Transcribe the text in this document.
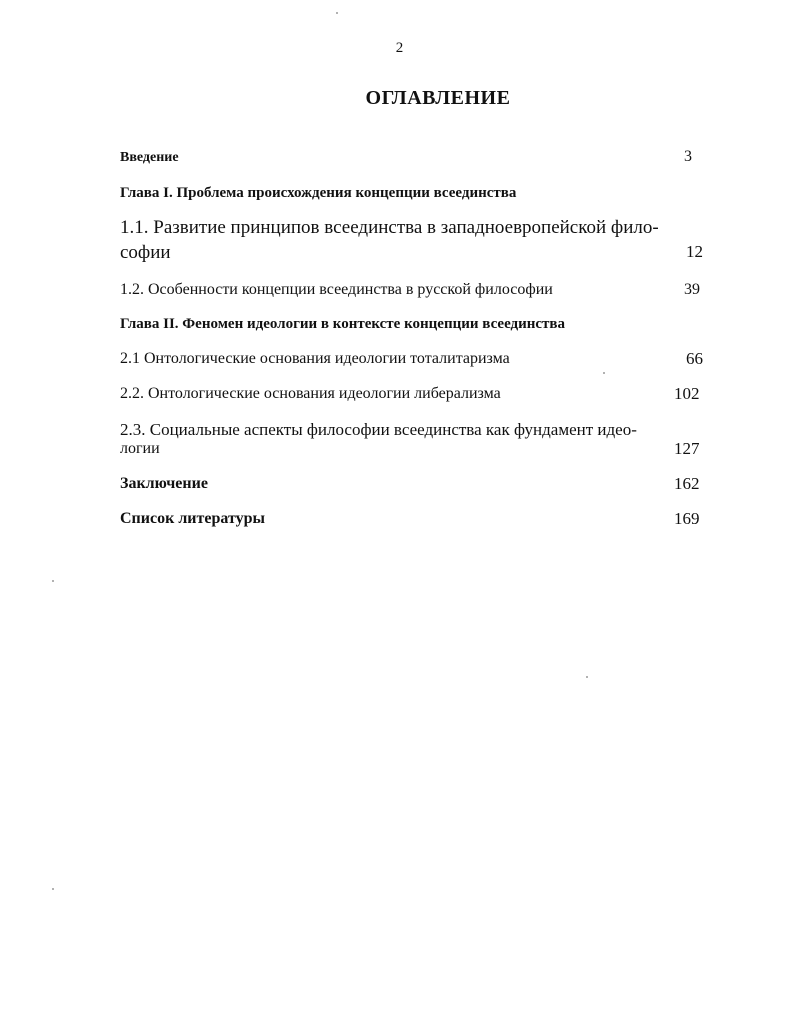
2
ОГЛАВЛЕНИЕ
Введение	3
Глава I. Проблема происхождения концепции всеединства
1.1. Развитие принципов всеединства в западноевропейской фило-
софии	12
1.2. Особенности концепции всеединства в русской философии	39
Глава II. Феномен идеологии в контексте концепции всеединства
2.1 Онтологические основания идеологии тоталитаризма	66
2.2. Онтологические основания идеологии либерализма	102
2.3. Социальные аспекты философии всеединства как фундамент идео-
логии	127
Заключение	162
Список литературы	169
